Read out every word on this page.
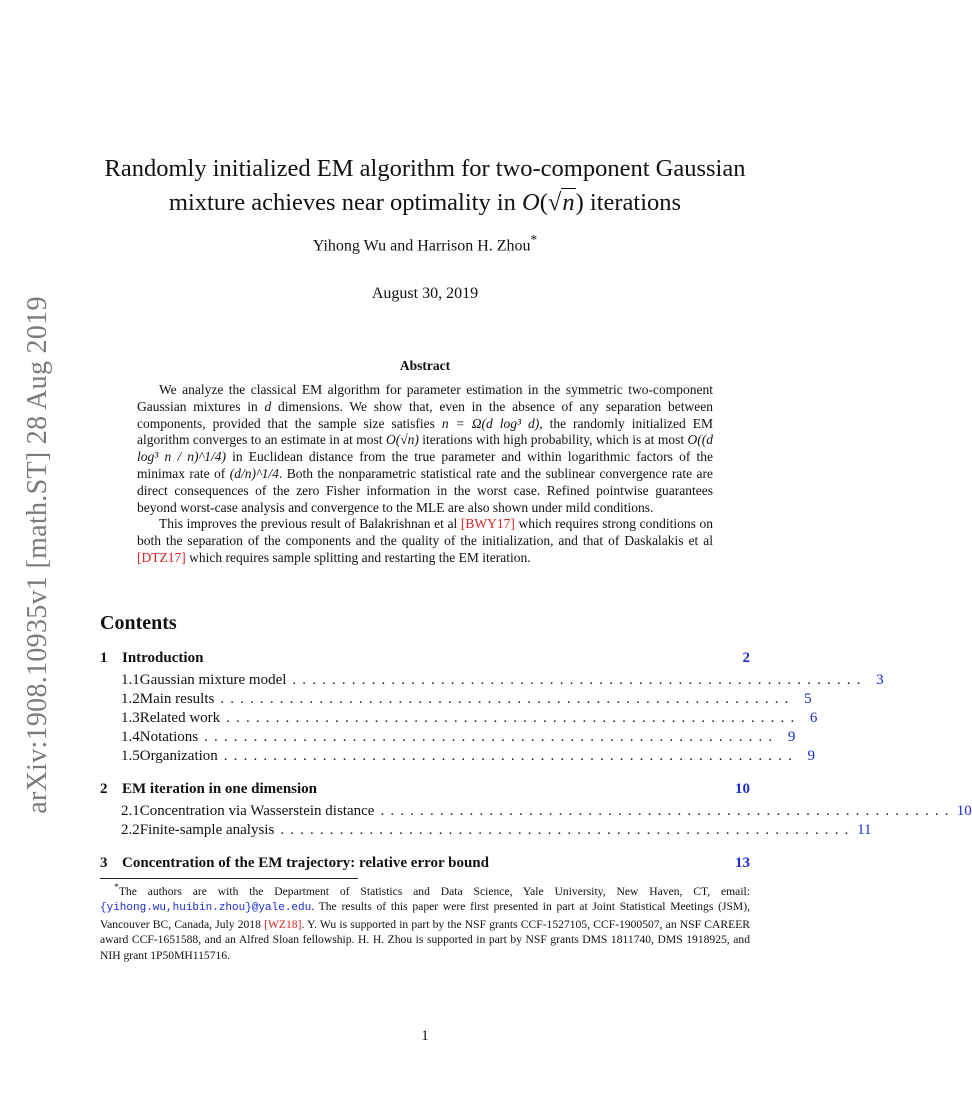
arXiv:1908.10935v1 [math.ST] 28 Aug 2019
Randomly initialized EM algorithm for two-component Gaussian
mixture achieves near optimality in O(√n) iterations
Yihong Wu and Harrison H. Zhou*
August 30, 2019
Abstract

We analyze the classical EM algorithm for parameter estimation in the symmetric two-component Gaussian mixtures in d dimensions. We show that, even in the absence of any separation between components, provided that the sample size satisfies n = Ω(d log³ d), the randomly initialized EM algorithm converges to an estimate in at most O(√n) iterations with high probability, which is at most O((d log³ n / n)^1/4) in Euclidean distance from the true parameter and within logarithmic factors of the minimax rate of (d/n)^1/4. Both the nonparametric statistical rate and the sublinear convergence rate are direct consequences of the zero Fisher information in the worst case. Refined pointwise guarantees beyond worst-case analysis and convergence to the MLE are also shown under mild conditions.

This improves the previous result of Balakrishnan et al [BWY17] which requires strong conditions on both the separation of the components and the quality of the initialization, and that of Daskalakis et al [DTZ17] which requires sample splitting and restarting the EM iteration.

Contents
1 Introduction	2
1.1 Gaussian mixture model . . . . . . . . . . . . . . . . . . . . . . . . . . . . . . . . . . . . . . . . . . . . . . . . . . . . . . . . . . 3
1.2 Main results . . . . . . . . . . . . . . . . . . . . . . . . . . . . . . . . . . . . . . . . . . . . . . . . . . . . . . . . . . 5
1.3 Related work . . . . . . . . . . . . . . . . . . . . . . . . . . . . . . . . . . . . . . . . . . . . . . . . . . . . . . . . . . 6
1.4 Notations . . . . . . . . . . . . . . . . . . . . . . . . . . . . . . . . . . . . . . . . . . . . . . . . . . . . . . . . . . 9
1.5 Organization . . . . . . . . . . . . . . . . . . . . . . . . . . . . . . . . . . . . . . . . . . . . . . . . . . . . . . . . . . 9
2 EM iteration in one dimension	10
2.1 Concentration via Wasserstein distance . . . . . . . . . . . . . . . . . . . . . . . . . . . . . . . . . . . . . . . . . . . . . . . . . . . . . . . . . . 10
2.2 Finite-sample analysis . . . . . . . . . . . . . . . . . . . . . . . . . . . . . . . . . . . . . . . . . . . . . . . . . . . . . . . . . . 11
3 Concentration of the EM trajectory: relative error bound	13

*The authors are with the Department of Statistics and Data Science, Yale University, New Haven, CT, email: {yihong.wu,huibin.zhou}@yale.edu. The results of this paper were first presented in part at Joint Statistical Meetings (JSM), Vancouver BC, Canada, July 2018 [WZ18]. Y. Wu is supported in part by the NSF grants CCF-1527105, CCF-1900507, an NSF CAREER award CCF-1651588, and an Alfred Sloan fellowship. H. H. Zhou is supported in part by NSF grants DMS 1811740, DMS 1918925, and NIH grant 1P50MH115716.

1
